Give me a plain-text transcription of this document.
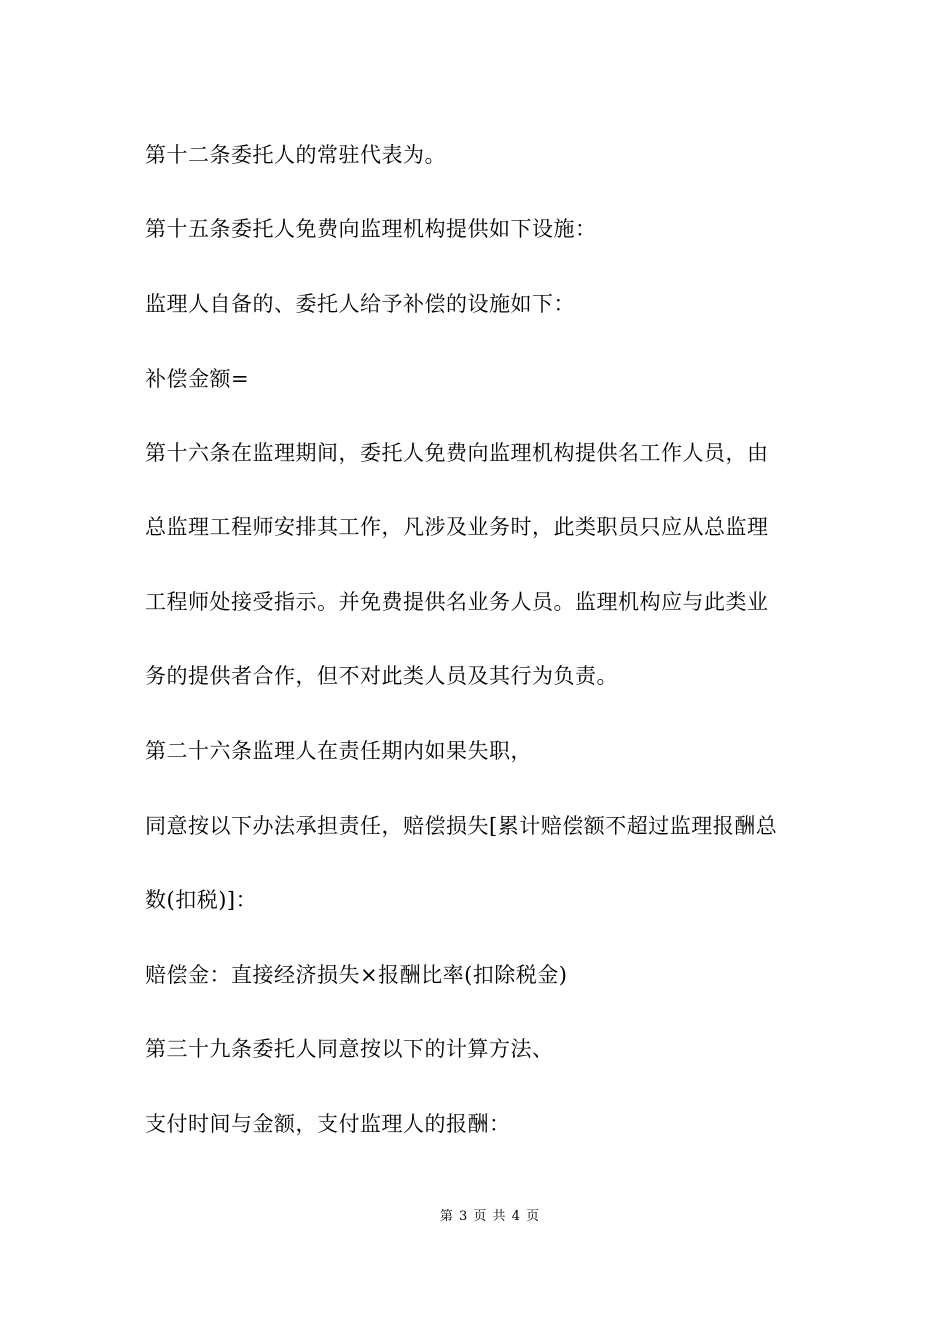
第十二条委托人的常驻代表为。
第十五条委托人免费向监理机构提供如下设施：
监理人自备的、委托人给予补偿的设施如下：
补偿金额=
第十六条在监理期间，委托人免费向监理机构提供名工作人员，由
总监理工程师安排其工作，凡涉及业务时，此类职员只应从总监理
工程师处接受指示。并免费提供名业务人员。监理机构应与此类业
务的提供者合作，但不对此类人员及其行为负责。
第二十六条监理人在责任期内如果失职，
同意按以下办法承担责任，赔偿损失[累计赔偿额不超过监理报酬总
数(扣税)]：
赔偿金：直接经济损失×报酬比率(扣除税金)
第三十九条委托人同意按以下的计算方法、
支付时间与金额，支付监理人的报酬：
第 3 页 共 4 页
